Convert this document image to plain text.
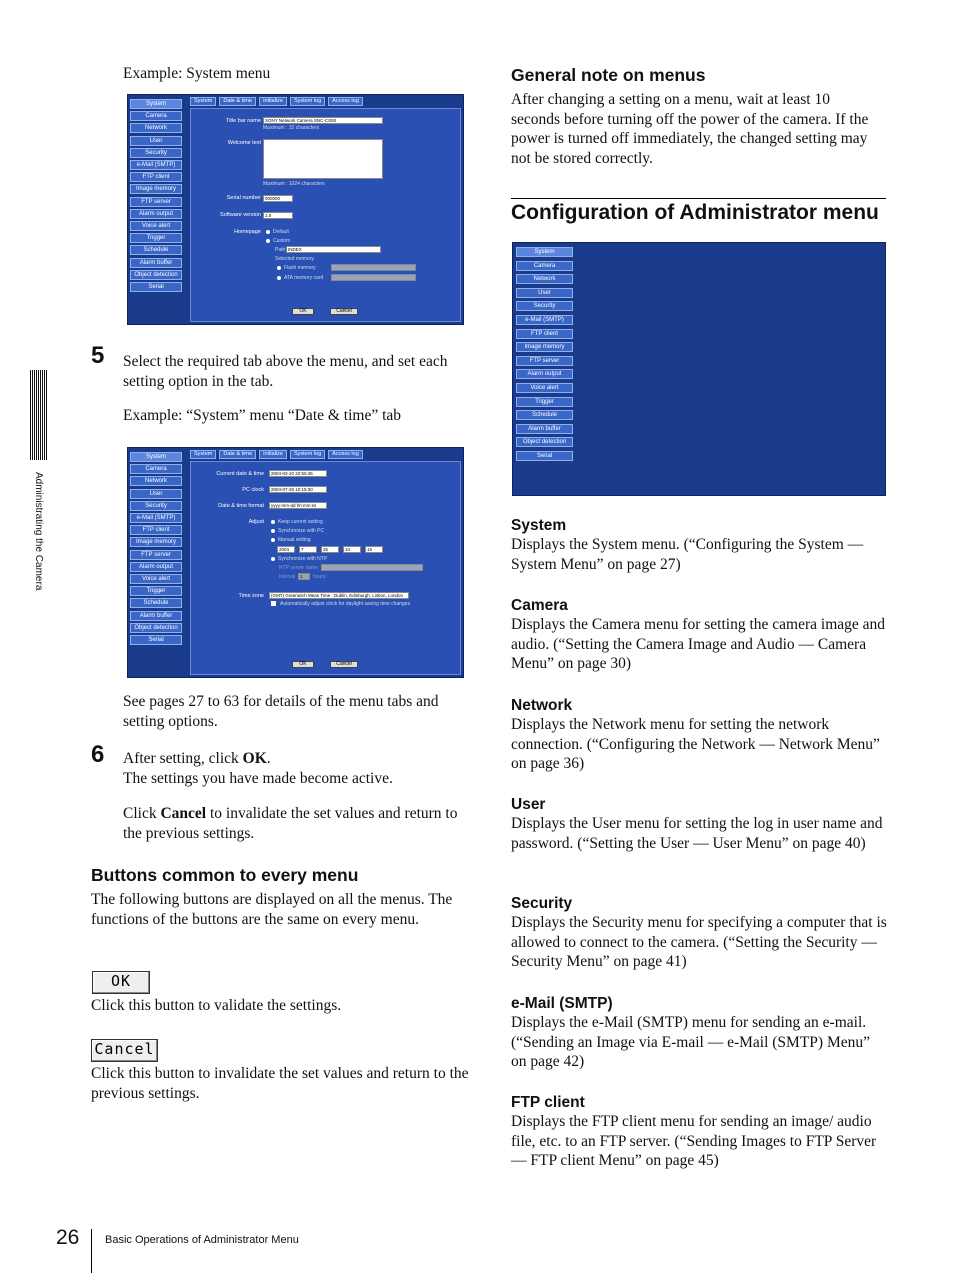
Example: System menu
System
Camera
Network
User
Security
e-Mail (SMTP)
FTP client
Image memory
FTP server
Alarm output
Voice alert
Trigger
Schedule
Alarm buffer
Object detection
Serial
System	Date & time	Initialize	System log	Access log
Title bar name SONY Network Camera SNC-CS50
Maximum : 32 characters
Welcome text
Maximum : 1024 characters
Serial number 000000
Software version 1.0
Homepage Default
Custom
Path INDEX
Selected memory
Flash memory
ATA memory card
OK	Cancel
5 Select the required tab above the menu, and set each setting option in the tab.
Example: “System” menu “Date & time” tab
System
Camera
Network
User
Security
e-Mail (SMTP)
FTP client
Image memory
FTP server
Alarm output
Voice alert
Trigger
Schedule
Alarm buffer
Object detection
Serial
System	Date & time	Initialize	System log	Access log
Current date & time	2004-03-10 22:50:45
PC clock	2004-07-25 10:15:30
Date & time format	yyyy-mm-dd hh:mm:ss
Adjust	Keep current setting
Synchronize with PC
Manual setting
2004	7	25	10	15
Synchronize with NTP
NTP server name
Interval	1	hours
Time zone	(GMT) Greenwich Mean Time : Dublin, Edinburgh, Lisbon, London
Automatically adjust clock for daylight saving time changes
OK	Cancel
See pages 27 to 63 for details of the menu tabs and setting options.
6 After setting, click OK.
The settings you have made become active.
Click Cancel to invalidate the set values and return to the previous settings.
Buttons common to every menu
The following buttons are displayed on all the menus. The functions of the buttons are the same on every menu.
OK
Click this button to validate the settings.
Cancel
Click this button to invalidate the set values and return to the previous settings.
General note on menus
After changing a setting on a menu, wait at least 10 seconds before turning off the power of the camera. If the power is turned off immediately, the changed setting may not be stored correctly.
Configuration of Administrator menu
System
Camera
Network
User
Security
e-Mail (SMTP)
FTP client
Image memory
FTP server
Alarm output
Voice alert
Trigger
Schedule
Alarm buffer
Object detection
Serial
System
Displays the System menu. (“Configuring the System — System Menu” on page 27)
Camera
Displays the Camera menu for setting the camera image and audio. (“Setting the Camera Image and Audio — Camera Menu” on page 30)
Network
Displays the Network menu for setting the network connection. (“Configuring the Network — Network Menu” on page 36)
User
Displays the User menu for setting the log in user name and password. (“Setting the User — User Menu” on page 40)
Security
Displays the Security menu for specifying a computer that is allowed to connect to the camera. (“Setting the Security — Security Menu” on page 41)
e-Mail (SMTP)
Displays the e-Mail (SMTP) menu for sending an e-mail. (“Sending an Image via E-mail — e-Mail (SMTP) Menu” on page 42)
FTP client
Displays the FTP client menu for sending an image/ audio file, etc. to an FTP server. (“Sending Images to FTP Server — FTP client Menu” on page 45)
Administrating the Camera
26 Basic Operations of Administrator Menu
